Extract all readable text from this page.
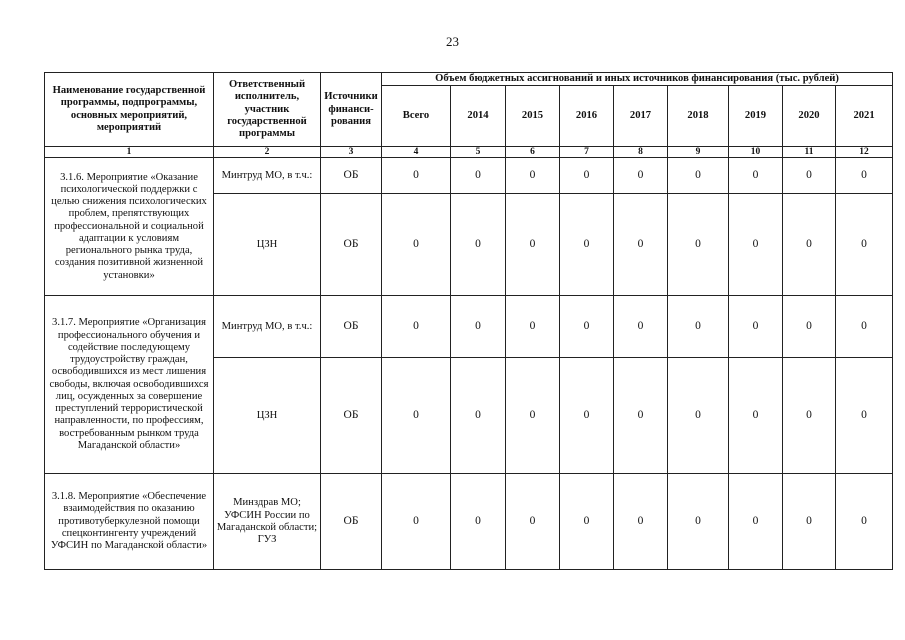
23
Наименование государственной программы, подпрограммы, основных мероприятий, мероприятий	Ответственный исполнитель, участник государственной программы	Источники финанси-рования	Объем бюджетных ассигнований и иных источников финансирования (тыс. рублей)								
			Всего	2014	2015	2016	2017	2018	2019	2020	2021
1	2	3	4	5	6	7	8	9	10	11	12
3.1.6. Мероприятие «Оказание психологической поддержки с целью снижения психологических проблем, препятствующих профессиональной и социальной адаптации к условиям регионального рынка труда, создания позитивной жизненной установки»	Минтруд МО, в т.ч.:	ОБ	0	0	0	0	0	0	0	0	0
	ЦЗН	ОБ	0	0	0	0	0	0	0	0	0
3.1.7. Мероприятие «Организация профессионального обучения и содействие последующему трудоустройству граждан, освободившихся из мест лишения свободы, включая освободившихся лиц, осужденных за совершение преступлений террористической направленности, по профессиям, востребованным рынком труда Магаданской области»	Минтруд МО, в т.ч.:	ОБ	0	0	0	0	0	0	0	0	0
	ЦЗН	ОБ	0	0	0	0	0	0	0	0	0
3.1.8. Мероприятие «Обеспечение взаимодействия по оказанию противотуберкулезной помощи спецконтингенту учреждений УФСИН по Магаданской области»	Минздрав МО; УФСИН России по Магаданской области; ГУЗ	ОБ	0	0	0	0	0	0	0	0	0
